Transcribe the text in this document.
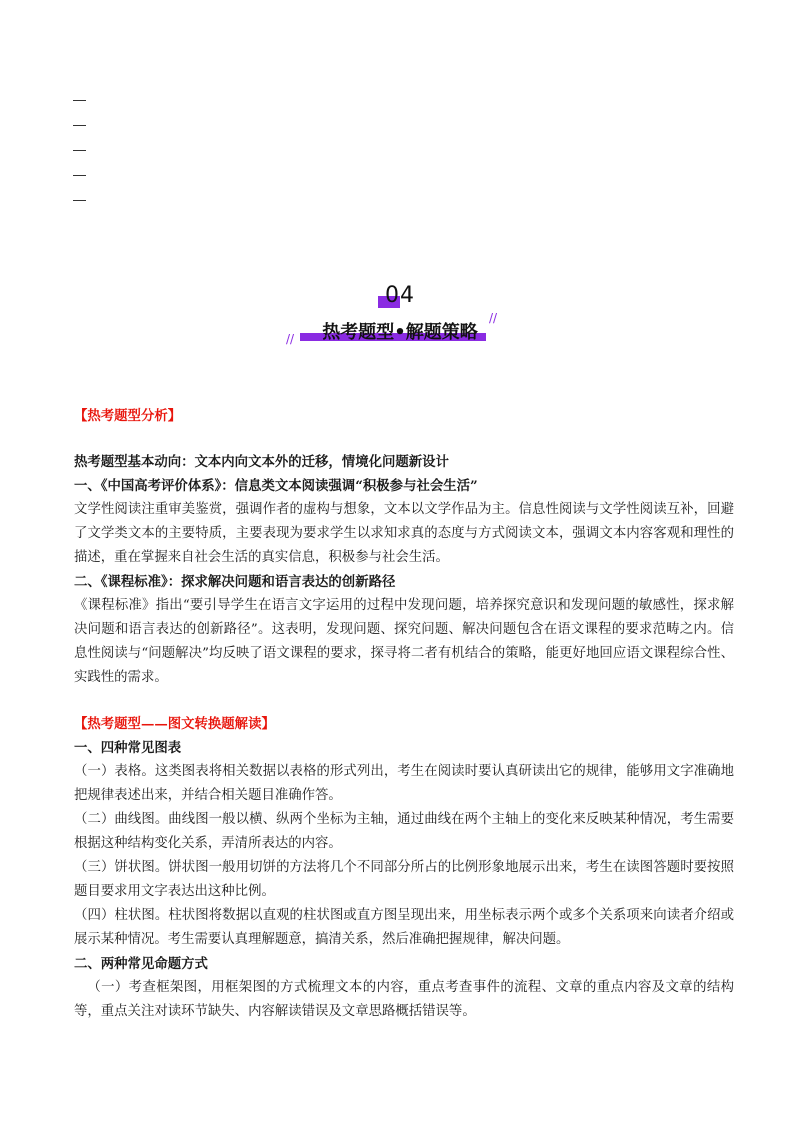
04
//	热考题型•解题策略
//

【热考题型分析】

热考题型基本动向：文本内向文本外的迁移，情境化问题新设计

一、《中国高考评价体系》：信息类文本阅读强调“积极参与社会生活”

文学性阅读注重审美鉴赏，强调作者的虚构与想象，文本以文学作品为主。信息性阅读与文学性阅读互补，回避了文学类文本的主要特质，主要表现为要求学生以求知求真的态度与方式阅读文本，强调文本内容客观和理性的描述，重在掌握来自社会生活的真实信息，积极参与社会生活。

二、《课程标准》：探求解决问题和语言表达的创新路径

《课程标准》指出“要引导学生在语言文字运用的过程中发现问题，培养探究意识和发现问题的敏感性，探求解决问题和语言表达的创新路径”。这表明，发现问题、探究问题、解决问题包含在语文课程的要求范畴之内。信息性阅读与“问题解决”均反映了语文课程的要求，探寻将二者有机结合的策略，能更好地回应语文课程综合性、实践性的需求。

【热考题型——图文转换题解读】

一、四种常见图表

（一）表格。这类图表将相关数据以表格的形式列出，考生在阅读时要认真研读出它的规律，能够用文字准确地把规律表述出来，并结合相关题目准确作答。

（二）曲线图。曲线图一般以横、纵两个坐标为主轴，通过曲线在两个主轴上的变化来反映某种情况，考生需要根据这种结构变化关系，弄清所表达的内容。

（三）饼状图。饼状图一般用切饼的方法将几个不同部分所占的比例形象地展示出来，考生在读图答题时要按照题目要求用文字表达出这种比例。

（四）柱状图。柱状图将数据以直观的柱状图或直方图呈现出来，用坐标表示两个或多个关系项来向读者介绍或展示某种情况。考生需要认真理解题意，搞清关系，然后准确把握规律，解决问题。

二、两种常见命题方式

（一）考查框架图，用框架图的方式梳理文本的内容，重点考查事件的流程、文章的重点内容及文章的结构等，重点关注对读环节缺失、内容解读错误及文章思路概括错误等。
